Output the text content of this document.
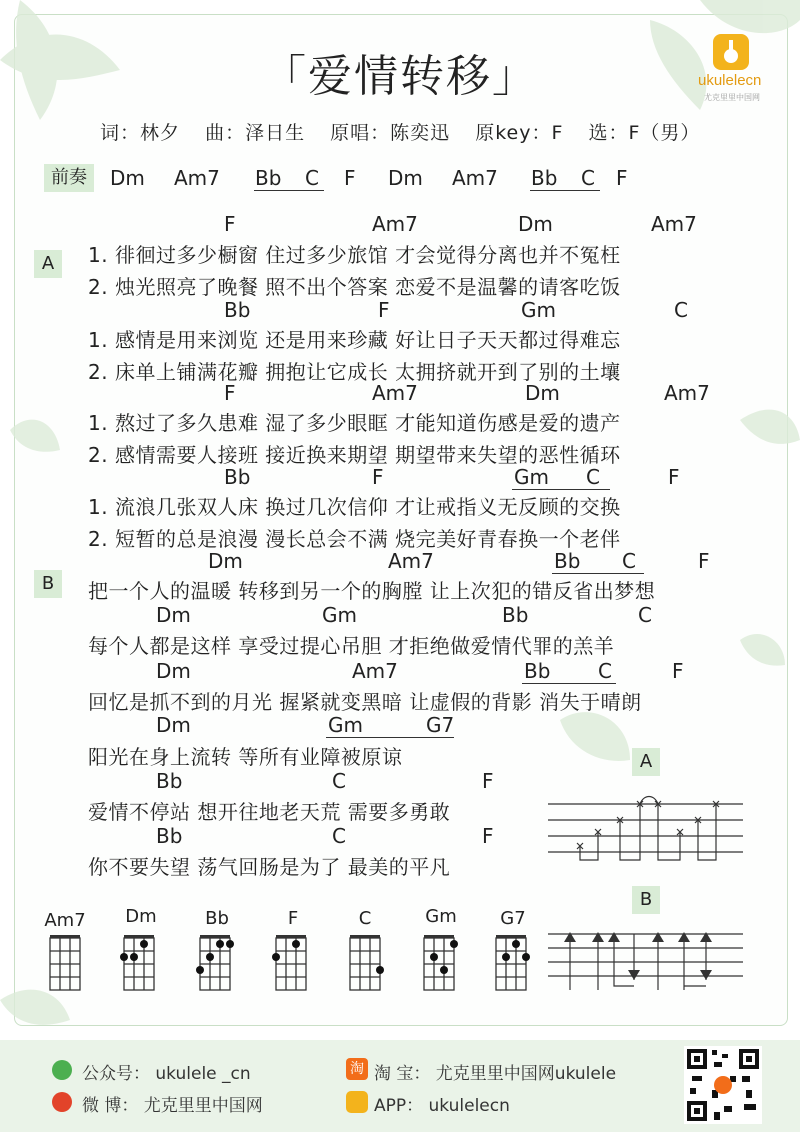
「爱情转移」	ukulelecn
尤克里里中国网
词：林夕 曲：泽日生 原唱：陈奕迅 原key：F 选：F（男）
前奏	Dm Am7 Bb C F Dm Am7 Bb C F
A
F	Am7	Dm	Am7
1. 徘徊过多少橱窗 住过多少旅馆 才会觉得分离也并不冤枉
2. 烛光照亮了晚餐 照不出个答案 恋爱不是温馨的请客吃饭
Bb	F	Gm	C
1. 感情是用来浏览 还是用来珍藏 好让日子天天都过得难忘
2. 床单上铺满花瓣 拥抱让它成长 太拥挤就开到了别的土壤
F	Am7	Dm	Am7
1. 熬过了多久患难 湿了多少眼眶 才能知道伤感是爱的遗产
2. 感情需要人接班 接近换来期望 期望带来失望的恶性循环
Bb	F	Gm C	F
1. 流浪几张双人床 换过几次信仰 才让戒指义无反顾的交换
2. 短暂的总是浪漫 漫长总会不满 烧完美好青春换一个老伴
B
Dm	Am7	Bb C	F
把一个人的温暖 转移到另一个的胸膛 让上次犯的错反省出梦想
Dm	Gm	Bb	C
每个人都是这样 享受过提心吊胆 才拒绝做爱情代罪的羔羊
Dm	Am7	Bb C	F
回忆是抓不到的月光 握紧就变黑暗 让虚假的背影 消失于晴朗
Dm	Gm	G7
阳光在身上流转 等所有业障被原谅
Bb	C	F
爱情不停站 想开往地老天荒 需要多勇敢
Bb	C	F
你不要失望 荡气回肠是为了 最美的平凡
A
B
Am7	Dm	Bb	F	C	Gm	G7
公众号： ukulele _cn
微 博： 尤克里里中国网
淘 淘 宝： 尤克里里中国网ukulele
APP： ukulelecn
